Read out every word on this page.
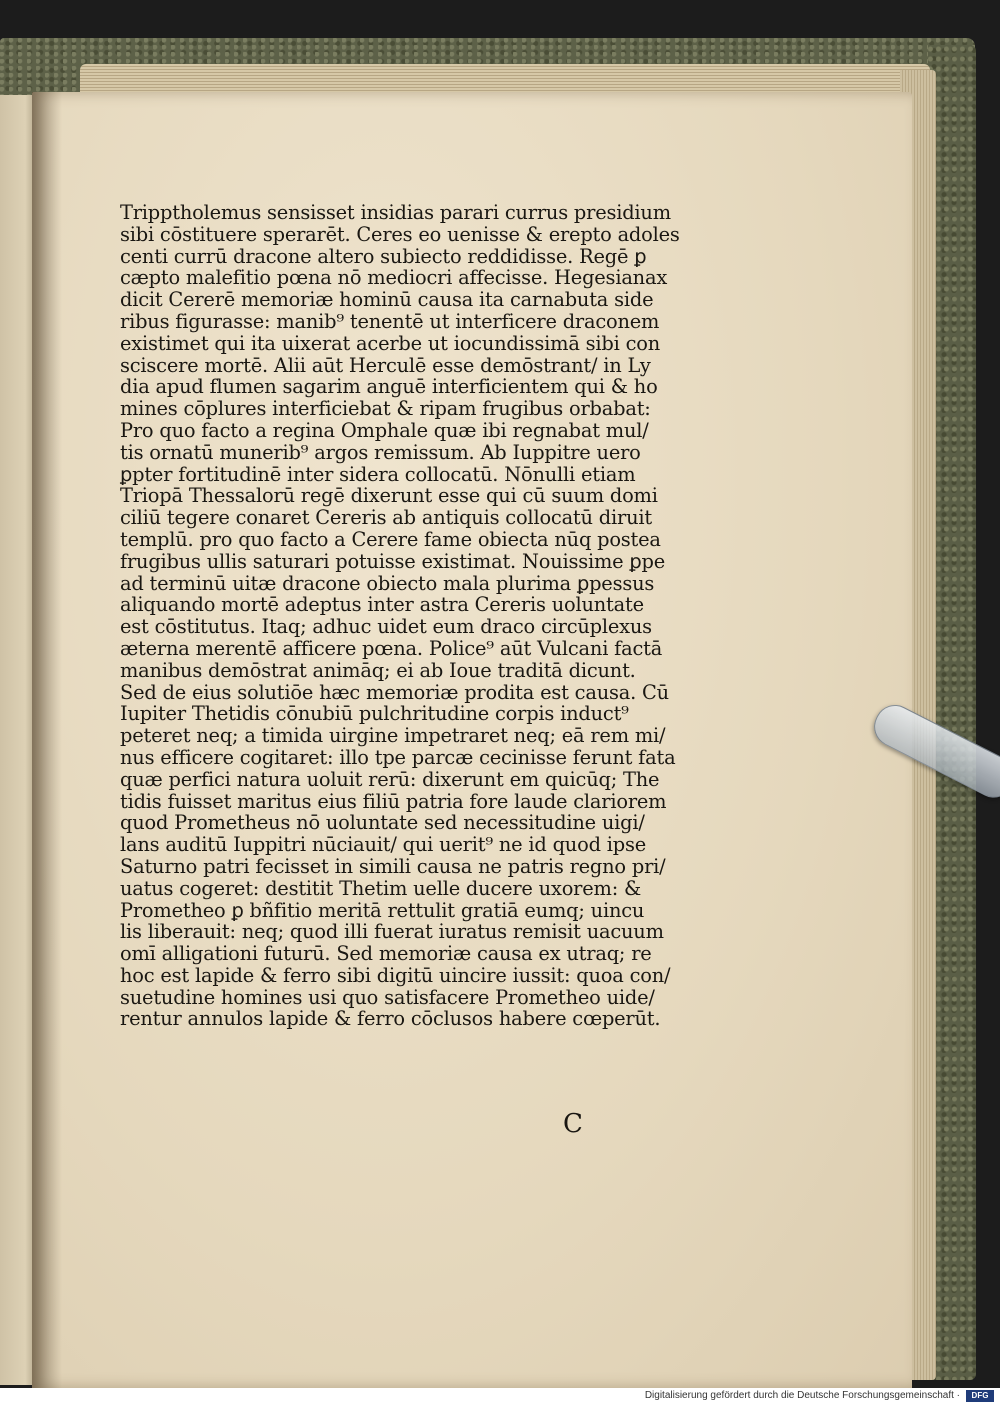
Tripptholemus sensisset insidias parari currus presidium
sibi cōstituere sperarēt. Ceres eo uenisse & erepto adoles
centi currū dracone altero subiecto reddidisse. Regē ꝑ
cæpto malefitio pœna nō mediocri affecisse. Hegesianax
dicit Cererē memoriæ hominū causa ita carnabuta side
ribus figurasse: manib⁹ tenentē ut interficere draconem
existimet qui ita uixerat acerbe ut iocundissimā sibi con
sciscere mortē. Alii aūt Herculē esse demōstrant/ in Ly
dia apud flumen sagarim anguē interficientem qui & ho
mines cōplures interficiebat & ripam frugibus orbabat:
Pro quo facto a regina Omphale quæ ibi regnabat mul/
tis ornatū munerib⁹ argos remissum. Ab Iuppitre uero
ꝑpter fortitudinē inter sidera collocatū. Nōnulli etiam
Triopā Thessalorū regē dixerunt esse qui cū suum domi
ciliū tegere conaret Cereris ab antiquis collocatū diruit
templū. pro quo facto a Cerere fame obiecta nūq postea
frugibus ullis saturari potuisse existimat. Nouissime ꝑpe
ad terminū uitæ dracone obiecto mala plurima ꝑpessus
aliquando mortē adeptus inter astra Cereris uoluntate
est cōstitutus. Itaq; adhuc uidet eum draco circūplexus
æterna merentē afficere pœna. Police⁹ aūt Vulcani factā
manibus demōstrat animāq; ei ab Ioue traditā dicunt.
Sed de eius solutiōe hæc memoriæ prodita est causa. Cū
Iupiter Thetidis cōnubiū pulchritudine corpis induct⁹
peteret neq; a timida uirgine impetraret neq; eā rem mi/
nus efficere cogitaret: illo tpe parcæ cecinisse ferunt fata
quæ perfici natura uoluit rerū: dixerunt em quicūq; The
tidis fuisset maritus eius filiū patria fore laude clariorem
quod Prometheus nō uoluntate sed necessitudine uigi/
lans auditū Iuppitri nūciauit/ qui uerit⁹ ne id quod ipse
Saturno patri fecisset in simili causa ne patris regno pri/
uatus cogeret: destitit Thetim uelle ducere uxorem: &
Prometheo ꝑ bñfitio meritā rettulit gratiā eumq; uincu
lis liberauit: neq; quod illi fuerat iuratus remisit uacuum
omī alligationi futurū. Sed memoriæ causa ex utraq; re
hoc est lapide & ferro sibi digitū uincire iussit: quoa con/
suetudine homines usi quo satisfacere Prometheo uide/
rentur annulos lapide & ferro cōclusos habere cœperūt.
C
Digitalisierung gefördert durch die Deutsche Forschungsgemeinschaft ·	DFG
